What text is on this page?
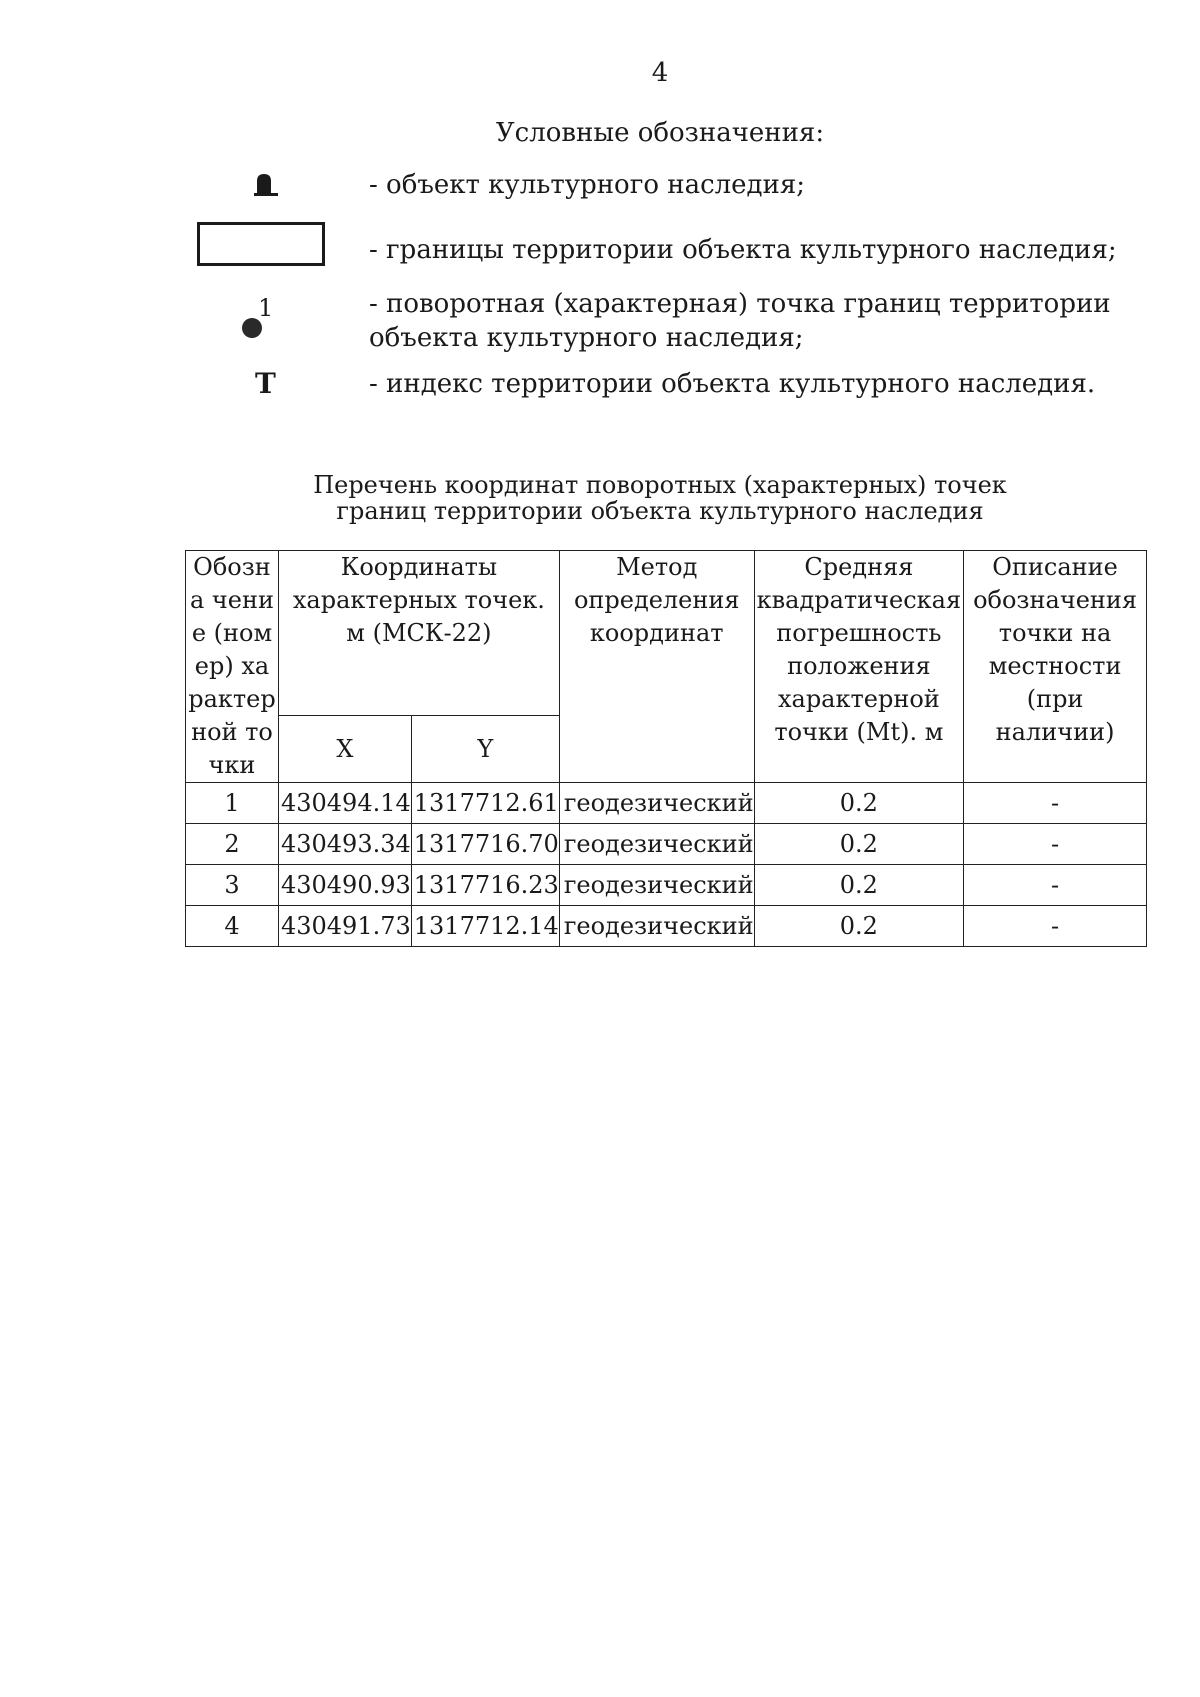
4
Условные обозначения:
- объект культурного наследия;
- границы территории объекта культурного наследия;
1	- поворотная (характерная) точка границ территории объекта культурного наследия;
Т	- индекс территории объекта культурного наследия.
Перечень координат поворотных (характерных) точек
границ территории объекта культурного наследия
Обозна чение (номер) характер ной точки	Координаты характерных точек. м (МСК-22)		Метод определения координат	Средняя квадратическая погрешность положения характерной точки (Mt). м	Описание обозначения точки на местности (при наличии)
	X	Y			
1	430494.14	1317712.61	геодезический	0.2	-
2	430493.34	1317716.70	геодезический	0.2	-
3	430490.93	1317716.23	геодезический	0.2	-
4	430491.73	1317712.14	геодезический	0.2	-
